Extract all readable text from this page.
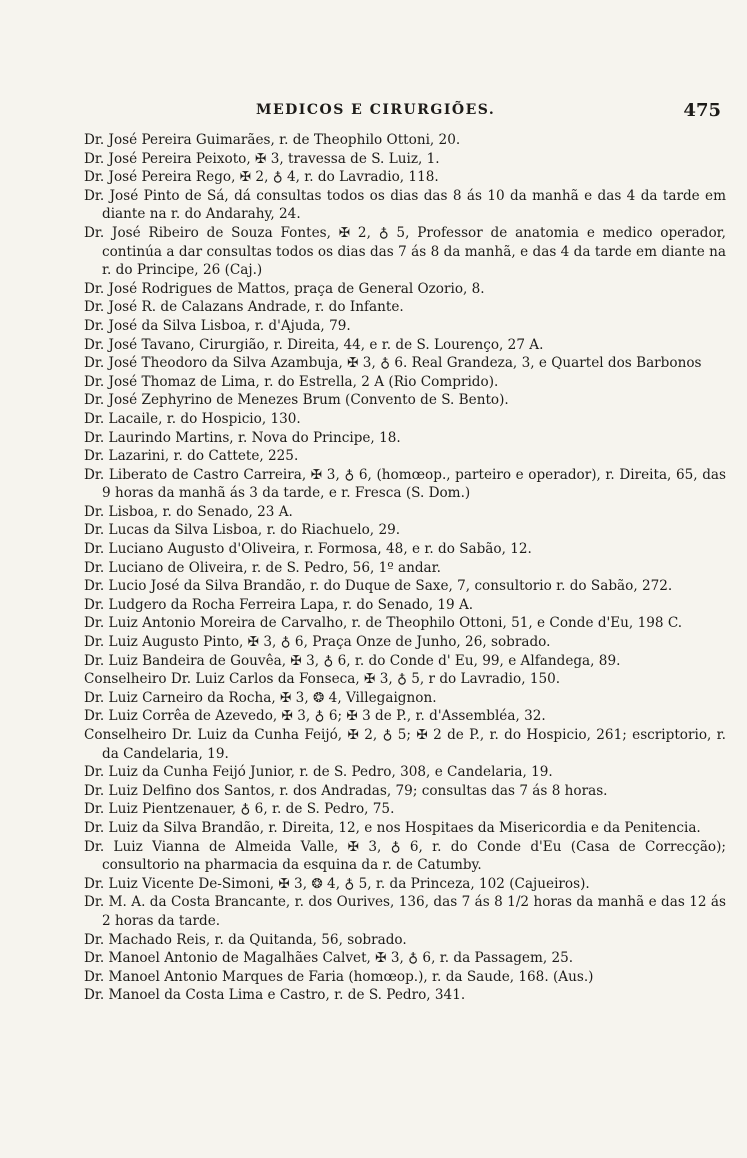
MEDICOS E CIRURGIÕES.	475
Dr. José Pereira Guimarães, r. de Theophilo Ottoni, 20.
Dr. José Pereira Peixoto, ✠ 3, travessa de S. Luiz, 1.
Dr. José Pereira Rego, ✠ 2, ♁ 4, r. do Lavradio, 118.
Dr. José Pinto de Sá, dá consultas todos os dias das 8 ás 10 da manhã e das 4 da tarde em diante na r. do Andarahy, 24.
Dr. José Ribeiro de Souza Fontes, ✠ 2, ♁ 5, Professor de anatomia e medico operador, continúa a dar consultas todos os dias das 7 ás 8 da manhã, e das 4 da tarde em diante na r. do Principe, 26 (Caj.)
Dr. José Rodrigues de Mattos, praça de General Ozorio, 8.
Dr. José R. de Calazans Andrade, r. do Infante.
Dr. José da Silva Lisboa, r. d'Ajuda, 79.
Dr. José Tavano, Cirurgião, r. Direita, 44, e r. de S. Lourenço, 27 A.
Dr. José Theodoro da Silva Azambuja, ✠ 3, ♁ 6. Real Grandeza, 3, e Quartel dos Barbonos
Dr. José Thomaz de Lima, r. do Estrella, 2 A (Rio Comprido).
Dr. José Zephyrino de Menezes Brum (Convento de S. Bento).
Dr. Lacaile, r. do Hospicio, 130.
Dr. Laurindo Martins, r. Nova do Principe, 18.
Dr. Lazarini, r. do Cattete, 225.
Dr. Liberato de Castro Carreira, ✠ 3, ♁ 6, (homœop., parteiro e operador), r. Direita, 65, das 9 horas da manhã ás 3 da tarde, e r. Fresca (S. Dom.)
Dr. Lisboa, r. do Senado, 23 A.
Dr. Lucas da Silva Lisboa, r. do Riachuelo, 29.
Dr. Luciano Augusto d'Oliveira, r. Formosa, 48, e r. do Sabão, 12.
Dr. Luciano de Oliveira, r. de S. Pedro, 56, 1º andar.
Dr. Lucio José da Silva Brandão, r. do Duque de Saxe, 7, consultorio r. do Sabão, 272.
Dr. Ludgero da Rocha Ferreira Lapa, r. do Senado, 19 A.
Dr. Luiz Antonio Moreira de Carvalho, r. de Theophilo Ottoni, 51, e Conde d'Eu, 198 C.
Dr. Luiz Augusto Pinto, ✠ 3, ♁ 6, Praça Onze de Junho, 26, sobrado.
Dr. Luiz Bandeira de Gouvêa, ✠ 3, ♁ 6, r. do Conde d' Eu, 99, e Alfandega, 89.
Conselheiro Dr. Luiz Carlos da Fonseca, ✠ 3, ♁ 5, r do Lavradio, 150.
Dr. Luiz Carneiro da Rocha, ✠ 3, ❂ 4, Villegaignon.
Dr. Luiz Corrêa de Azevedo, ✠ 3, ♁ 6; ✠ 3 de P., r. d'Assembléa, 32.
Conselheiro Dr. Luiz da Cunha Feijó, ✠ 2, ♁ 5; ✠ 2 de P., r. do Hospicio, 261; escriptorio, r. da Candelaria, 19.
Dr. Luiz da Cunha Feijó Junior, r. de S. Pedro, 308, e Candelaria, 19.
Dr. Luiz Delfino dos Santos, r. dos Andradas, 79; consultas das 7 ás 8 horas.
Dr. Luiz Pientzenauer, ♁ 6, r. de S. Pedro, 75.
Dr. Luiz da Silva Brandão, r. Direita, 12, e nos Hospitaes da Misericordia e da Penitencia.
Dr. Luiz Vianna de Almeida Valle, ✠ 3, ♁ 6, r. do Conde d'Eu (Casa de Correcção); consultorio na pharmacia da esquina da r. de Catumby.
Dr. Luiz Vicente De-Simoni, ✠ 3, ❂ 4, ♁ 5, r. da Princeza, 102 (Cajueiros).
Dr. M. A. da Costa Brancante, r. dos Ourives, 136, das 7 ás 8 1/2 horas da manhã e das 12 ás 2 horas da tarde.
Dr. Machado Reis, r. da Quitanda, 56, sobrado.
Dr. Manoel Antonio de Magalhães Calvet, ✠ 3, ♁ 6, r. da Passagem, 25.
Dr. Manoel Antonio Marques de Faria (homœop.), r. da Saude, 168. (Aus.)
Dr. Manoel da Costa Lima e Castro, r. de S. Pedro, 341.
